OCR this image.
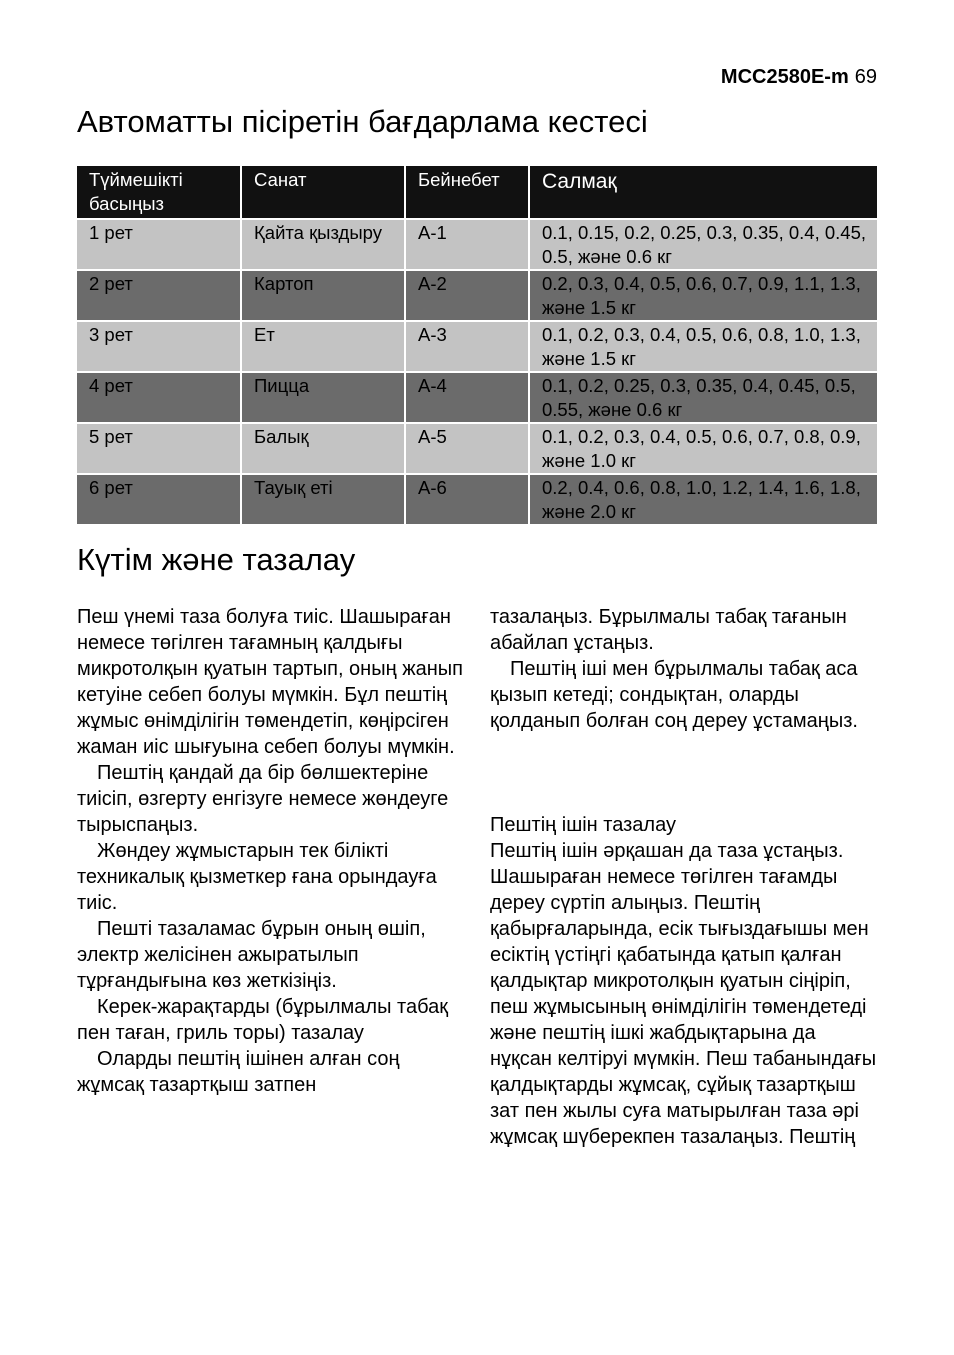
MCC2580E-m 69
Автоматты пісіретін бағдарлама кестесі
Түймешікті басыңыз	Санат	Бейнебет	Салмақ
1 рет	Қайта қыздыру	A-1	0.1, 0.15, 0.2, 0.25, 0.3, 0.35, 0.4, 0.45, 0.5, және 0.6 кг
2 рет	Картоп	A-2	0.2, 0.3, 0.4, 0.5, 0.6, 0.7, 0.9, 1.1, 1.3, және 1.5 кг
3 рет	Ет	A-3	0.1, 0.2, 0.3, 0.4, 0.5, 0.6, 0.8, 1.0, 1.3, және 1.5 кг
4 рет	Пицца	A-4	0.1, 0.2, 0.25, 0.3, 0.35, 0.4, 0.45, 0.5, 0.55, және 0.6 кг
5 рет	Балық	A-5	0.1, 0.2, 0.3, 0.4, 0.5, 0.6, 0.7, 0.8, 0.9, және 1.0 кг
6 рет	Тауық еті	A-6	0.2, 0.4, 0.6, 0.8, 1.0, 1.2, 1.4, 1.6, 1.8, және 2.0 кг
Күтім және тазалау

Пеш үнемі таза болуға тиіс. Шашыраған немесе төгілген тағамның қалдығы микротолқын қуатын тартып, оның жанып кетуіне себеп болуы мүмкін. Бұл пештің жұмыс өнімділігін төмендетіп, көңірсіген жаман иіс шығуына себеп болуы мүмкін.

Пештің қандай да бір бөлшектеріне тиісіп, өзгерту енгізуге немесе жөндеуге тырыспаңыз.

Жөндеу жұмыстарын тек білікті техникалық қызметкер ғана орындауға тиіс.

Пешті тазаламас бұрын оның өшіп, электр желісінен ажыратылып тұрғандығына көз жеткізіңіз.

Керек-жарақтарды (бұрылмалы табақ пен таған, гриль торы) тазалау

Оларды пештің ішінен алған соң жұмсақ тазартқыш затпен

тазалаңыз. Бұрылмалы табақ тағанын абайлап ұстаңыз.

Пештің іші мен бұрылмалы табақ аса қызып кетеді; сондықтан, оларды қолданып болған соң дереу ұстамаңыз.

Пештің ішін тазалау

Пештің ішін әрқашан да таза ұстаңыз. Шашыраған немесе төгілген тағамды дереу сүртіп алыңыз. Пештің қабырғаларында, есік тығыздағышы мен есіктің үстіңгі қабатында қатып қалған қалдықтар микротолқын қуатын сіңіріп, пеш жұмысының өнімділігін төмендетеді және пештің ішкі жабдықтарына да нұқсан келтіруі мүмкін. Пеш табанындағы қалдықтарды жұмсақ, сұйық тазартқыш зат пен жылы суға матырылған таза әрі жұмсақ шүберекпен тазалаңыз. Пештің
